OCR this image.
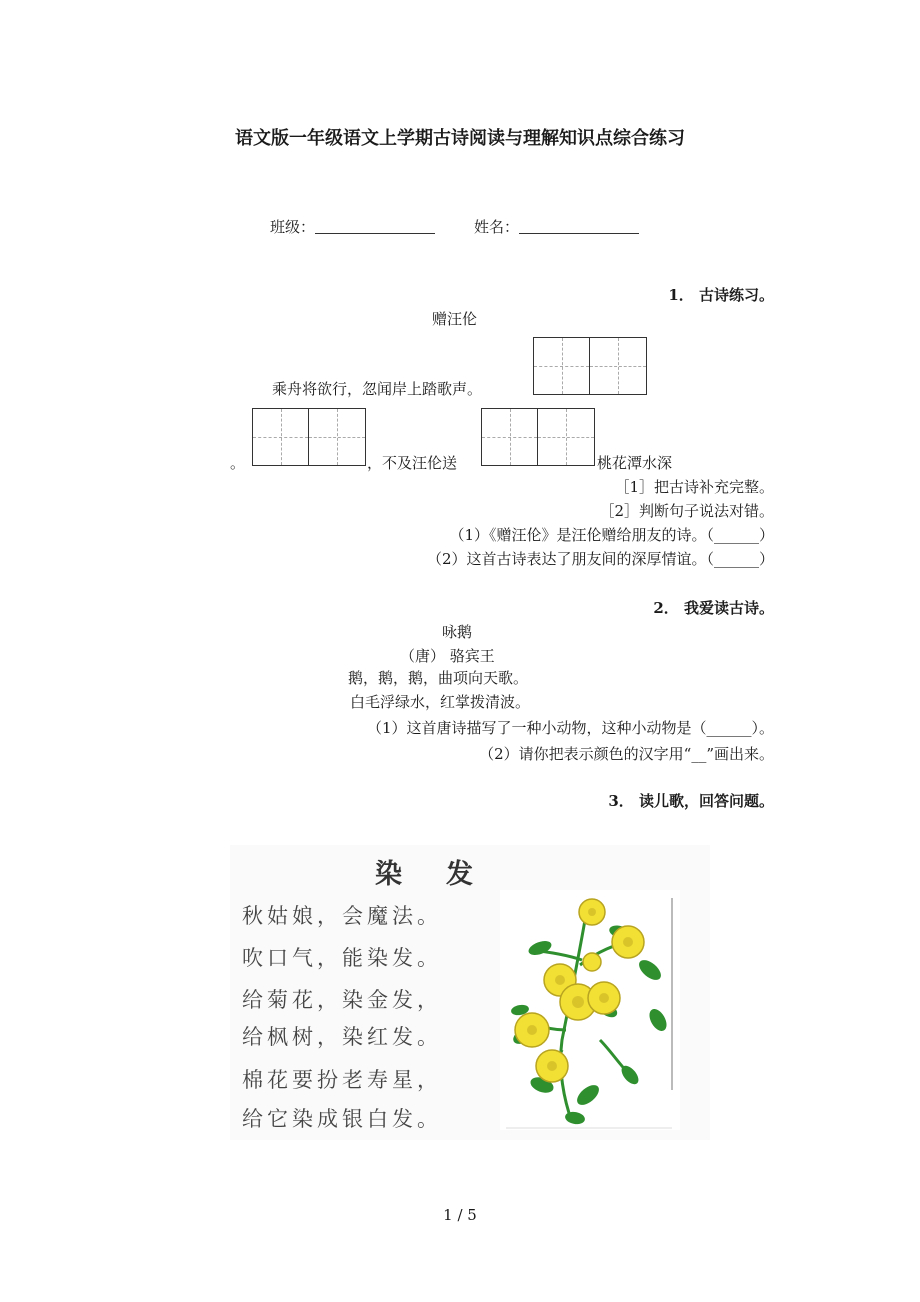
语文版一年级语文上学期古诗阅读与理解知识点综合练习
班级：	姓名：
1． 古诗练习。
赠汪伦
乘舟将欲行，忽闻岸上踏歌声。
。	，不及汪伦送	桃花潭水深
［1］把古诗补充完整。
［2］判断句子说法对错。
（1）《赠汪伦》是汪伦赠给朋友的诗。（______）
（2）这首古诗表达了朋友间的深厚情谊。（______）
2． 我爱读古诗。
咏鹅
（唐） 骆宾王
鹅，鹅，鹅，曲项向天歌。
白毛浮绿水，红掌拨清波。
（1）这首唐诗描写了一种小动物，这种小动物是（______）。
（2）请你把表示颜色的汉字用“__”画出来。
3． 读儿歌，回答问题。
染发
秋姑娘，会魔法。
吹口气，能染发。
给菊花，染金发，
给枫树，染红发。
棉花要扮老寿星，
给它染成银白发。
1 / 5
